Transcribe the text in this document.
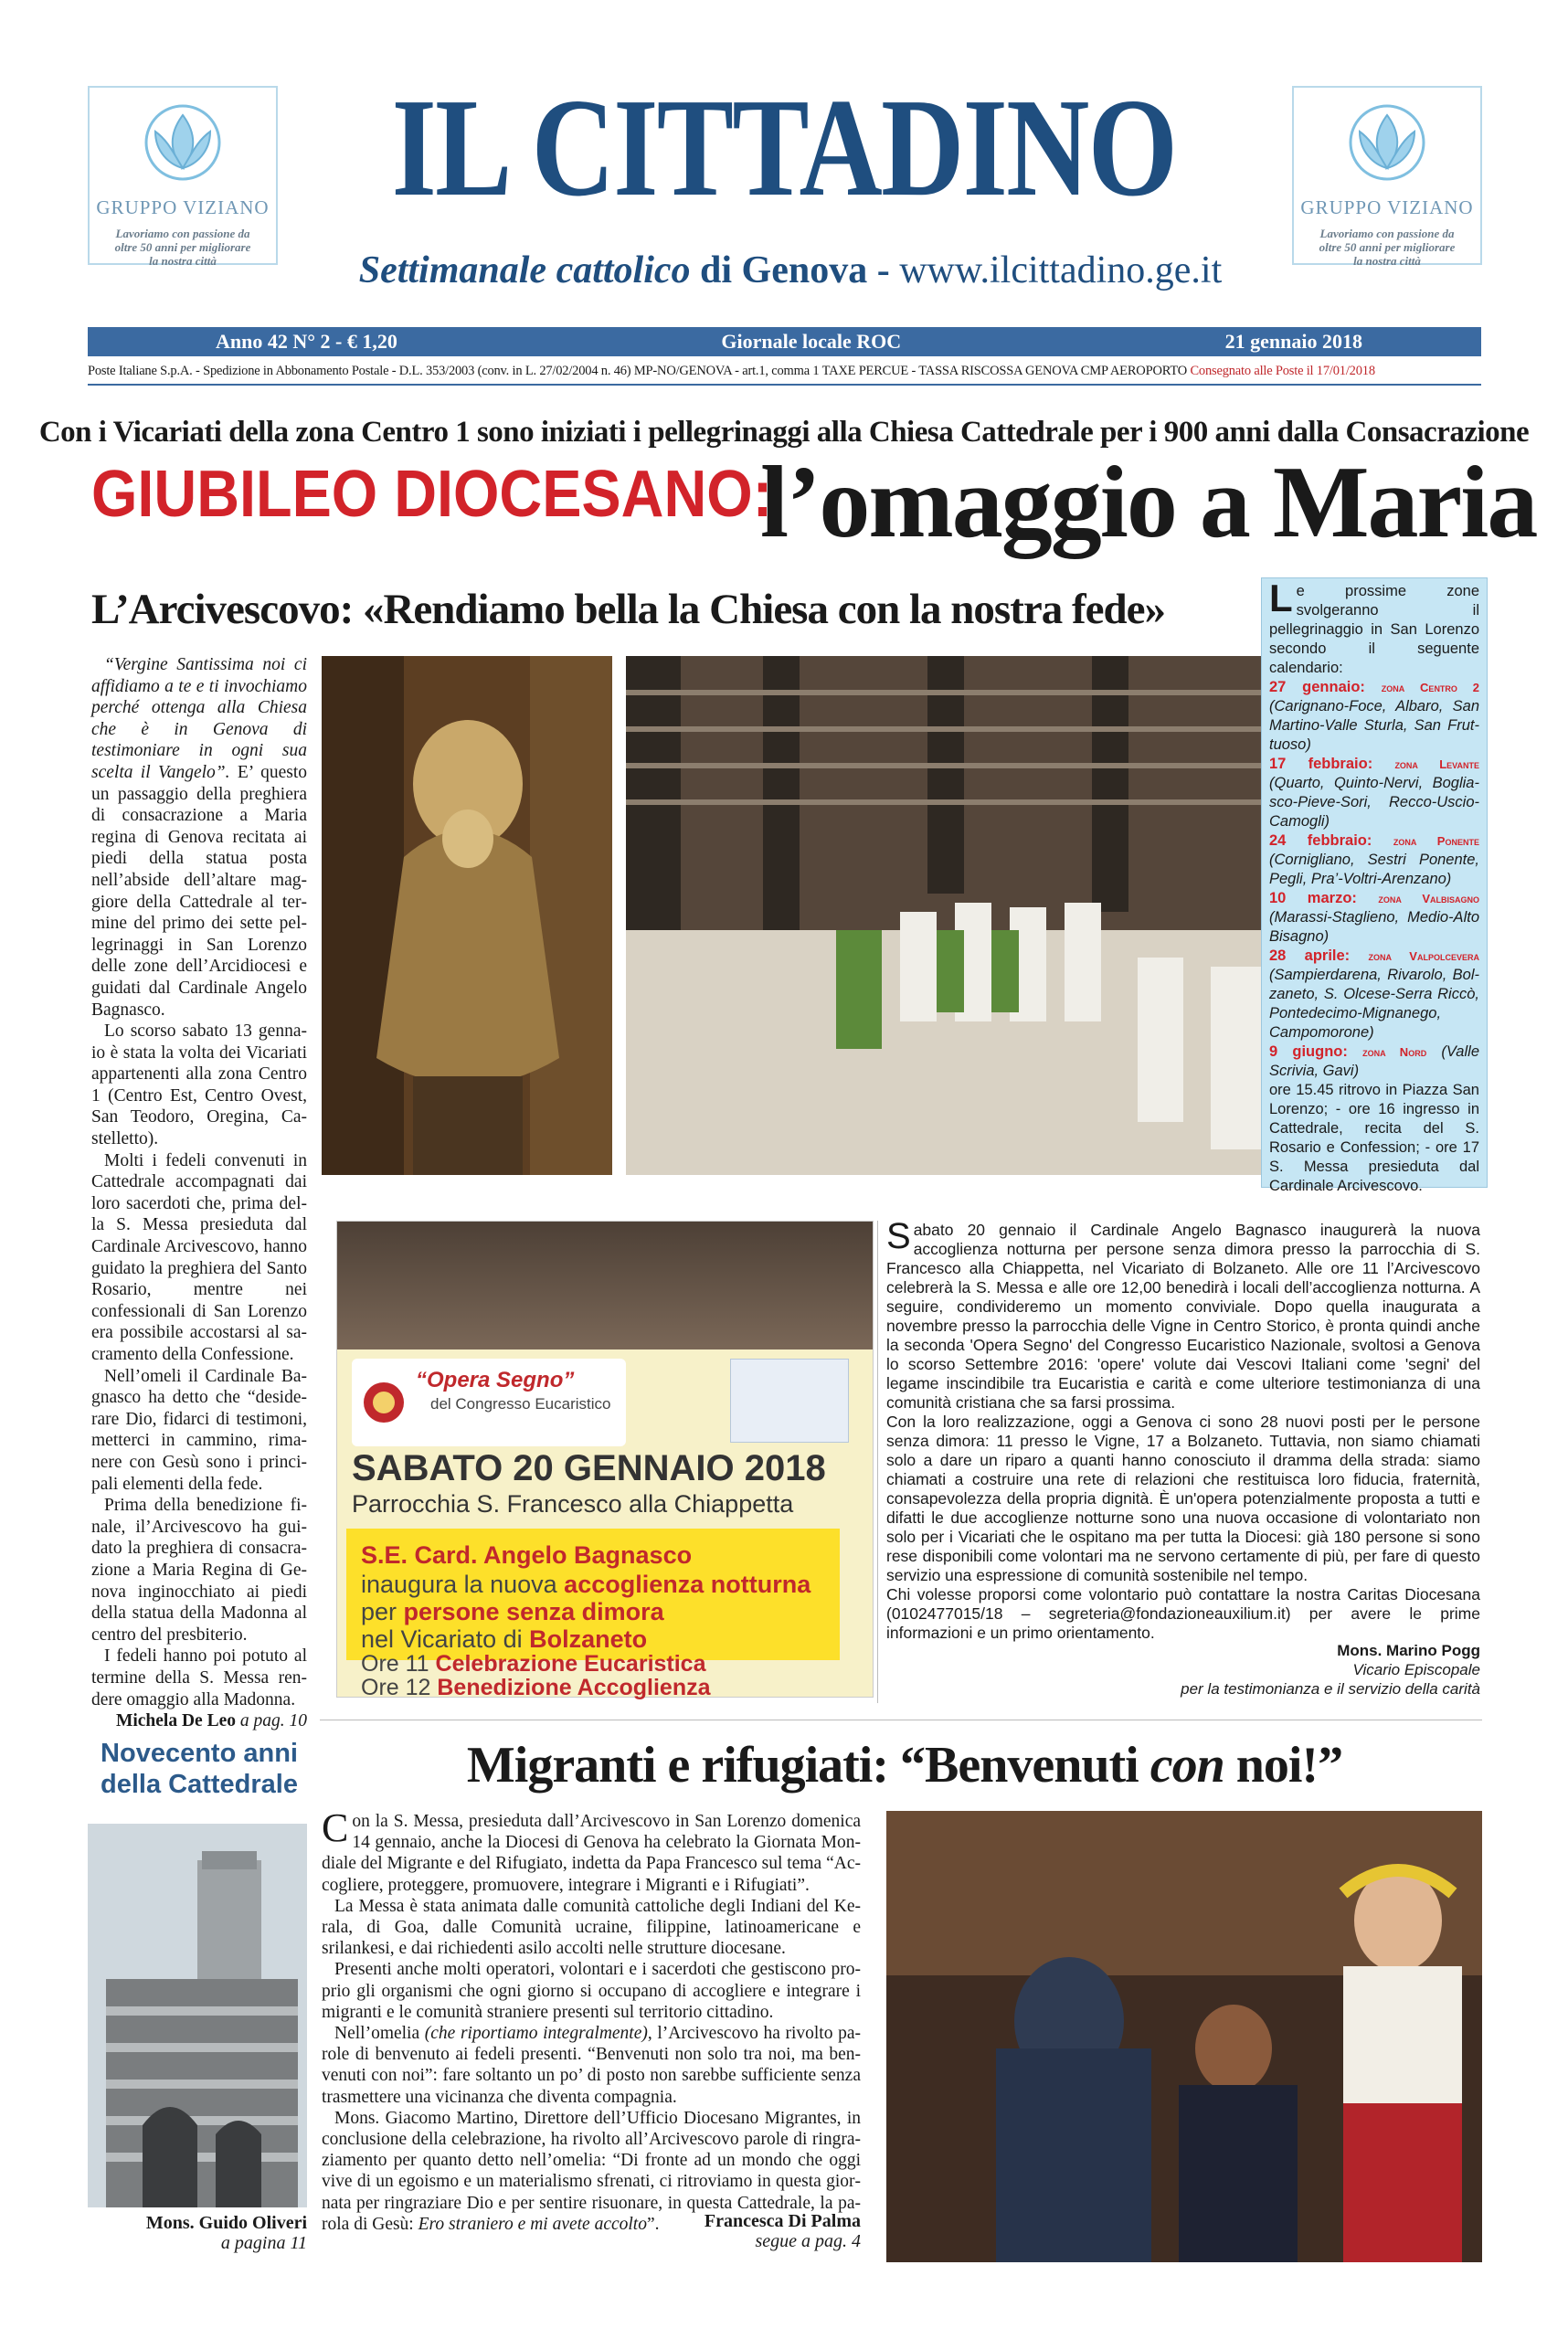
GRUPPO VIZIANO
Lavoriamo con passione da oltre 50 anni per migliorare la nostra città
GRUPPO VIZIANO
Lavoriamo con passione da oltre 50 anni per migliorare la nostra città
IL CITTADINO
Settimanale cattolico di Genova - www.ilcittadino.ge.it
Anno 42 N° 2 - € 1,20	Giornale locale ROC	21 gennaio 2018
Poste Italiane S.p.A. - Spedizione in Abbonamento Postale - D.L. 353/2003 (conv. in L. 27/02/2004 n. 46) MP-NO/GENOVA - art.1, comma 1 TAXE PERCUE - TASSA RISCOSSA GENOVA CMP AEROPORTO Consegnato alle Poste il 17/01/2018
Con i Vicariati della zona Centro 1 sono iniziati i pellegrinaggi alla Chiesa Cattedrale per i 900 anni dalla Consacrazione
GIUBILEO DIOCESANO:
l’omaggio a Maria
L’Arcivescovo: «Rendiamo bella la Chiesa con la nostra fede»

“Vergine Santissima noi ci affidiamo a te e ti invochiamo perché ottenga alla Chiesa che è in Genova di testimoniare in ogni sua scelta il Vangelo”. E’ questo un passaggio della preghiera di consacrazione a Maria regina di Genova recitata ai piedi della statua posta nell’abside dell’altare maggiore della Cattedrale al termine del primo dei sette pellegrinaggi in San Lorenzo delle zone dell’Arcidiocesi e guidati dal Cardinale Angelo Bagnasco.

Lo scorso sabato 13 gennaio è stata la volta dei Vicariati appartenenti alla zona Centro 1 (Centro Est, Centro Ovest, San Teodoro, Oregina, Castelletto).

Molti i fedeli convenuti in Cattedrale accompagnati dai loro sacerdoti che, prima della S. Messa presieduta dal Cardinale Arcivescovo, hanno guidato la preghiera del Santo Rosario, mentre nei confessionali di San Lorenzo era possibile accostarsi al sacramento della Confessione.

Nell’omeli il Cardinale Bagnasco ha detto che “desiderare Dio, fidarci di testimoni, metterci in cammino, rimanere con Gesù sono i principali elementi della fede.

Prima della benedizione finale, il’Arcivescovo ha guidato la preghiera di consacrazione a Maria Regina di Genova inginocchiato ai piedi della statua della Madonna al centro del presbiterio.

I fedeli hanno poi potuto al termine della S. Messa rendere omaggio alla Madonna.

Michela De Leo a pag. 10
Le prossime zone svolgeranno il pellegrinaggio in San Lorenzo secondo il seguente calendario:

27 gennaio: zona Centro 2 (Carignano-Foce, Albaro, San Martino-Valle Sturla, San Fruttuoso)
17 febbraio: zona Levante (Quarto, Quinto-Nervi, Bogliasco-Pieve-Sori, Recco-Uscio-Camogli)
24 febbraio: zona Ponente (Cornigliano, Sestri Ponente, Pegli, Pra’-Voltri-Arenzano)
10 marzo: zona Valbisagno (Marassi-Staglieno, Medio-Alto Bisagno)
28 aprile: zona Valpolcevera (Sampierdarena, Rivarolo, Bolzaneto, S. Olcese-Serra Riccò, Pontedecimo-Mignanego, Campomorone)
9 giugno: zona Nord (Valle Scrivia, Gavi)
ore 15.45 ritrovo in Piazza San Lorenzo; - ore 16 ingresso in Cattedrale, recita del S. Rosario e Confession; - ore 17 S. Messa presieduta dal Cardinale Arcivescovo.
“Opera Segno”
del Congresso Eucaristico
SABATO 20 GENNAIO 2018
Parrocchia S. Francesco alla Chiappetta
S.E. Card. Angelo Bagnasco
inaugura la nuova accoglienza notturna
per persone senza dimora
nel Vicariato di Bolzaneto
Ore 11 Celebrazione Eucaristica
Ore 12 Benedizione Accoglienza

Sabato 20 gennaio il Cardinale Angelo Bagnasco inaugurerà la nuova accoglienza notturna per persone senza dimora presso la parrocchia di S. Francesco alla Chiappetta, nel Vicariato di Bolzaneto. Alle ore 11 l’Arcivescovo celebrerà la S. Messa e alle ore 12,00 benedirà i locali dell’accoglienza notturna. A seguire, condivideremo un momento conviviale. Dopo quella inaugurata a novembre presso la parrocchia delle Vigne in Centro Storico, è pronta quindi anche la seconda 'Opera Segno' del Congresso Eucaristico Nazionale, svoltosi a Genova lo scorso Settembre 2016: 'opere' volute dai Vescovi Italiani come 'segni' del legame inscindibile tra Eucaristia e carità e come ulteriore testimonianza di una comunità cristiana che sa farsi prossima.

Con la loro realizzazione, oggi a Genova ci sono 28 nuovi posti per le persone senza dimora: 11 presso le Vigne, 17 a Bolzaneto. Tuttavia, non siamo chiamati solo a dare un riparo a quanti hanno conosciuto il dramma della strada: siamo chiamati a costruire una rete di relazioni che restituisca loro fiducia, fraternità, consapevolezza della propria dignità. È un'opera potenzialmente proposta a tutti e difatti le due accoglienze notturne sono una nuova occasione di volontariato non solo per i Vicariati che le ospitano ma per tutta la Diocesi: già 180 persone si sono rese disponibili come volontari ma ne servono certamente di più, per fare di questo servizio una espressione di comunità sostenibile nel tempo.

Chi volesse proporsi come volontario può contattare la nostra Caritas Diocesana (0102477015/18 – segreteria@fondazioneauxilium.it) per avere le prime informazioni e un primo orientamento.

Mons. Marino Pogg
Vicario Episcopale
per la testimonianza e il servizio della carità
Novecento anni della Cattedrale
Mons. Guido Oliveri
a pagina 11
Migranti e rifugiati: “Benvenuti con noi!”

Con la S. Messa, presieduta dall’Arcivescovo in San Lorenzo domenica 14 gennaio, anche la Diocesi di Genova ha celebrato la Giornata Mondiale del Migrante e del Rifugiato, indetta da Papa Francesco sul tema “Accogliere, proteggere, promuovere, integrare i Migranti e i Rifugiati”.

La Messa è stata animata dalle comunità cattoliche degli Indiani del Kerala, di Goa, dalle Comunità ucraine, filippine, latinoamericane e srilankesi, e dai richiedenti asilo accolti nelle strutture diocesane.

Presenti anche molti operatori, volontari e i sacerdoti che gestiscono proprio gli organismi che ogni giorno si occupano di accogliere e integrare i migranti e le comunità straniere presenti sul territorio cittadino.

Nell’omelia (che riportiamo integralmente), l’Arcivescovo ha rivolto parole di benvenuto ai fedeli presenti. “Benvenuti non solo tra noi, ma benvenuti con noi”: fare soltanto un po’ di posto non sarebbe sufficiente senza trasmettere una vicinanza che diventa compagnia.

Mons. Giacomo Martino, Direttore dell’Ufficio Diocesano Migrantes, in conclusione della celebrazione, ha rivolto all’Arcivescovo parole di ringraziamento per quanto detto nell’omelia: “Di fronte ad un mondo che oggi vive di un egoismo e un materialismo sfrenati, ci ritroviamo in questa giornata per ringraziare Dio e per sentire risuonare, in questa Cattedrale, la parola di Gesù: Ero straniero e mi avete accolto”.	Francesca Di Palma
segue a pag. 4
